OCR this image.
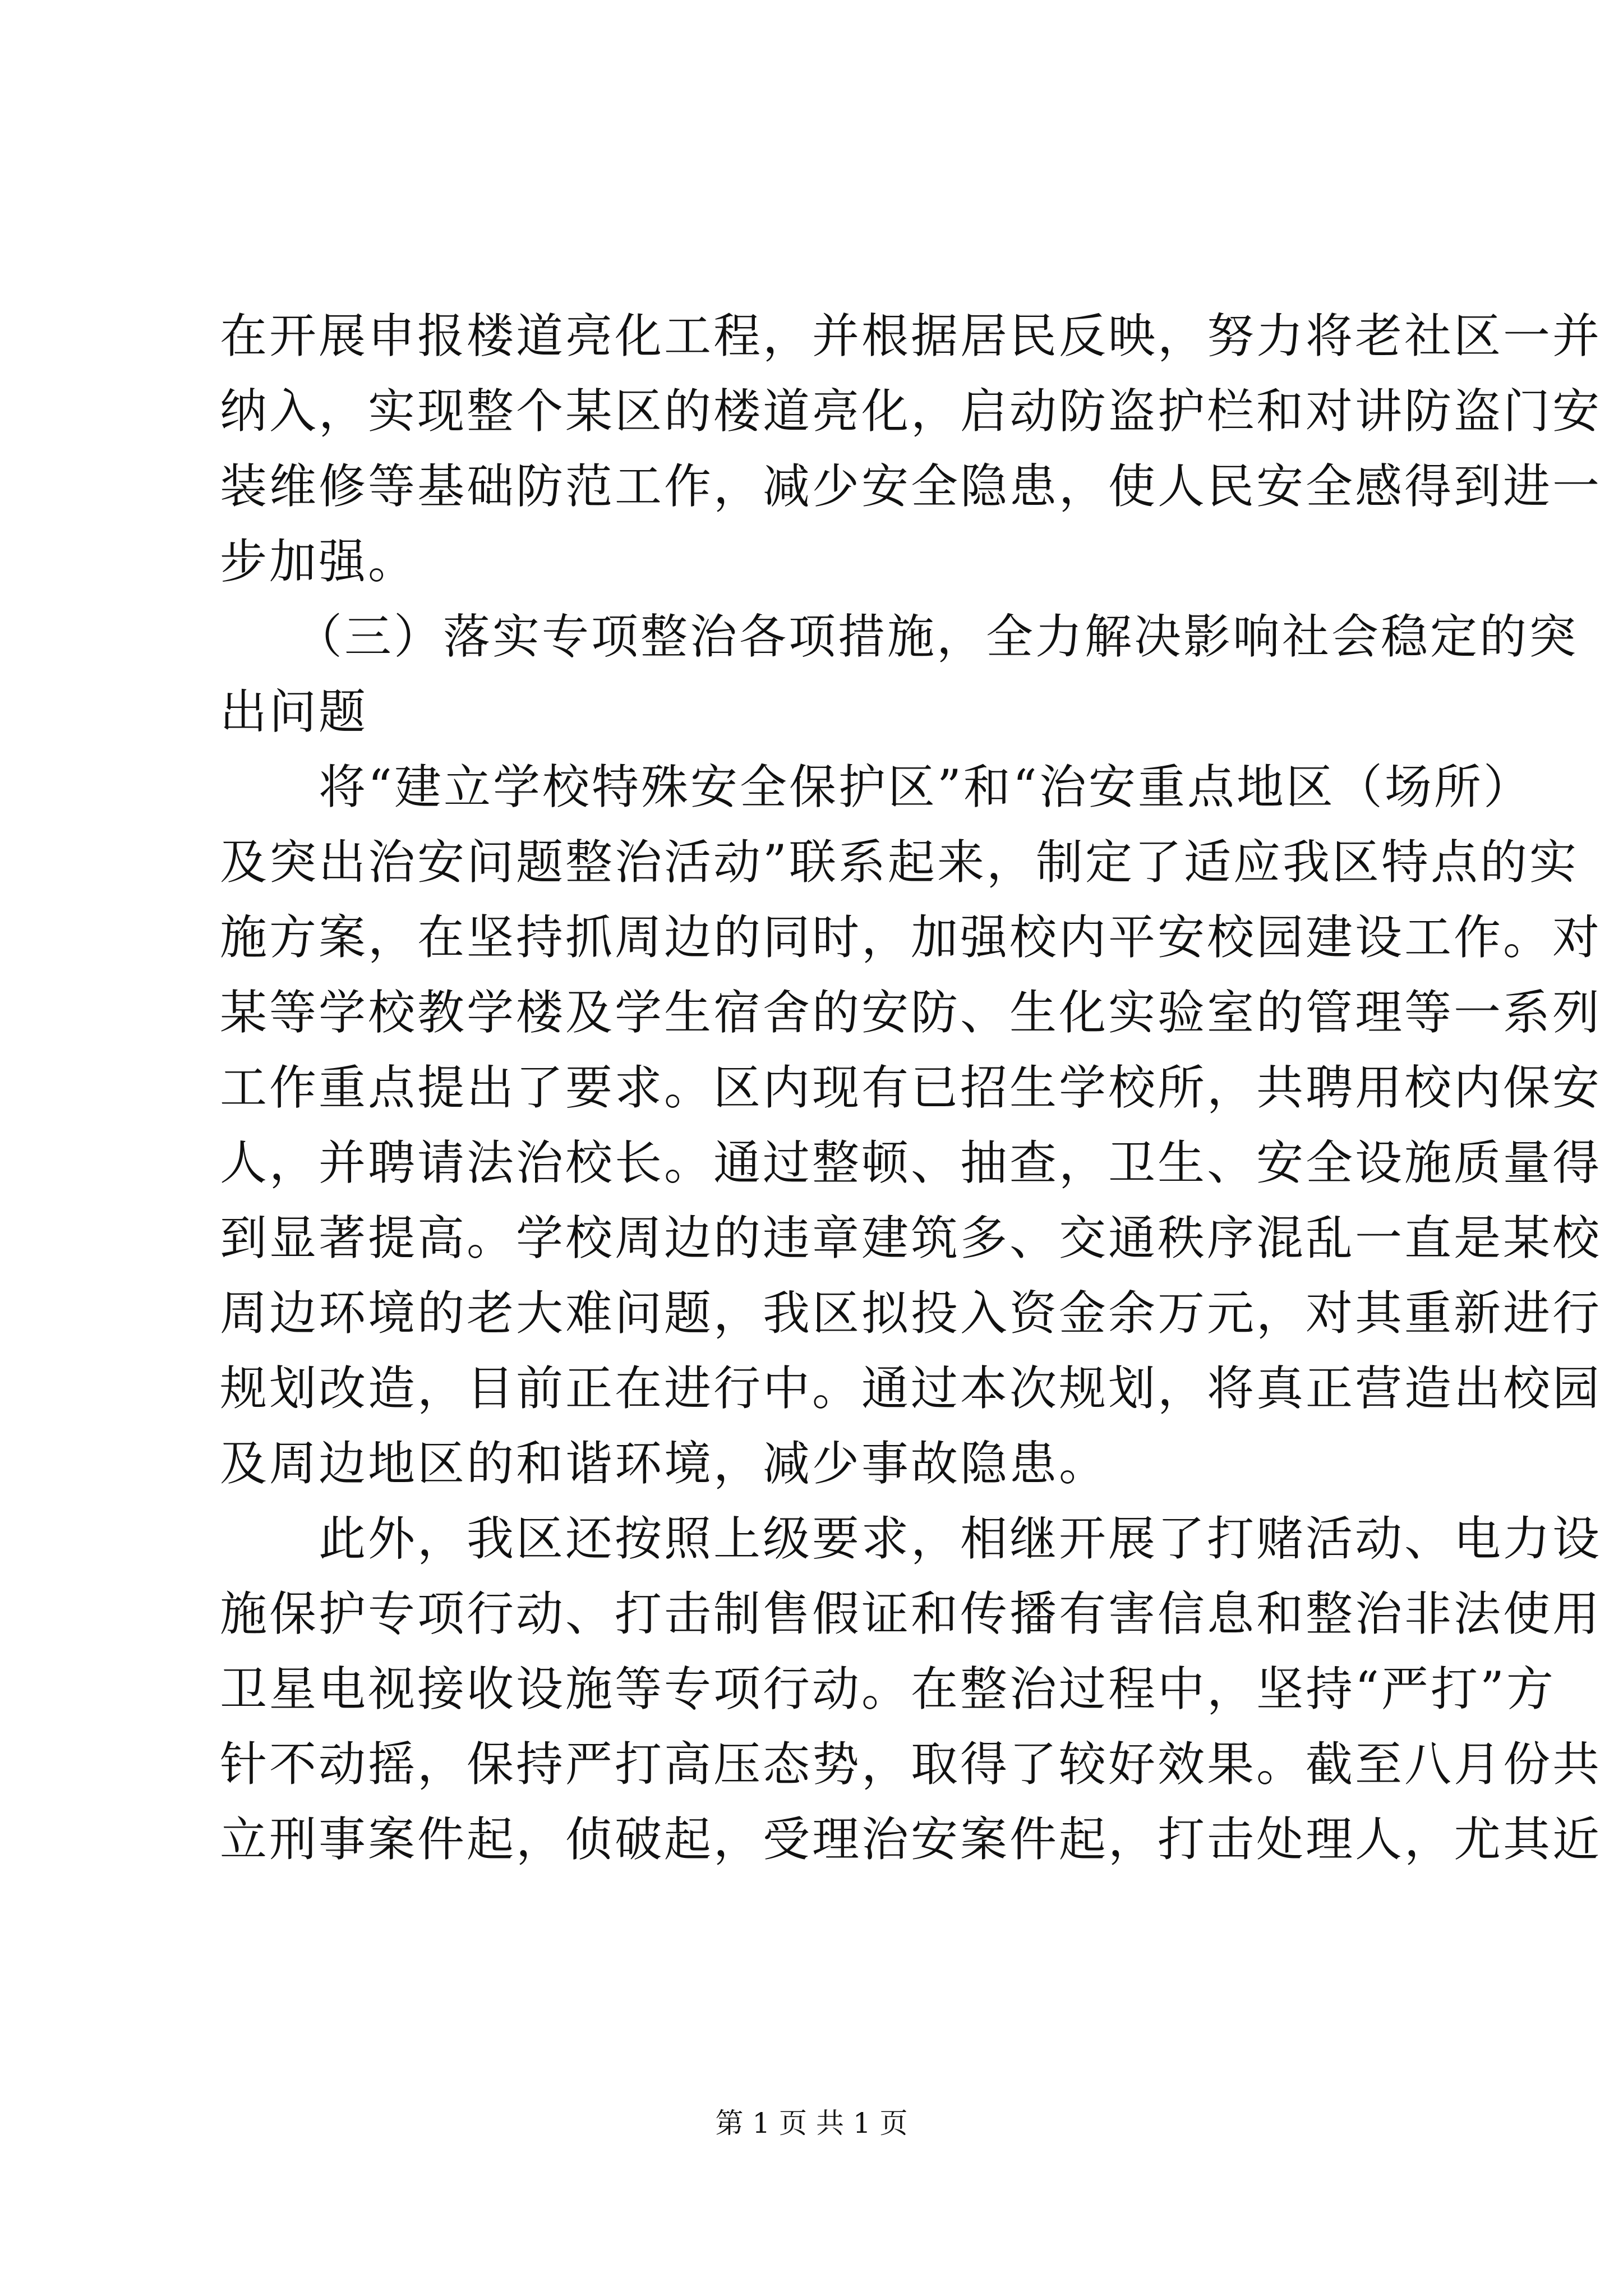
在开展申报楼道亮化工程，并根据居民反映，努力将老社区一并
纳入，实现整个某区的楼道亮化，启动防盗护栏和对讲防盗门安
装维修等基础防范工作，减少安全隐患，使人民安全感得到进一
步加强。
　　（三）落实专项整治各项措施，全力解决影响社会稳定的突
出问题
　　将“建立学校特殊安全保护区”和“治安重点地区（场所）
及突出治安问题整治活动”联系起来，制定了适应我区特点的实
施方案，在坚持抓周边的同时，加强校内平安校园建设工作。对
某等学校教学楼及学生宿舍的安防、生化实验室的管理等一系列
工作重点提出了要求。区内现有已招生学校所，共聘用校内保安
人，并聘请法治校长。通过整顿、抽查，卫生、安全设施质量得
到显著提高。学校周边的违章建筑多、交通秩序混乱一直是某校
周边环境的老大难问题，我区拟投入资金余万元，对其重新进行
规划改造，目前正在进行中。通过本次规划，将真正营造出校园
及周边地区的和谐环境，减少事故隐患。
　　此外，我区还按照上级要求，相继开展了打赌活动、电力设
施保护专项行动、打击制售假证和传播有害信息和整治非法使用
卫星电视接收设施等专项行动。在整治过程中，坚持“严打”方
针不动摇，保持严打高压态势，取得了较好效果。截至八月份共
立刑事案件起，侦破起，受理治安案件起，打击处理人，尤其近
第 1 页 共 1 页
